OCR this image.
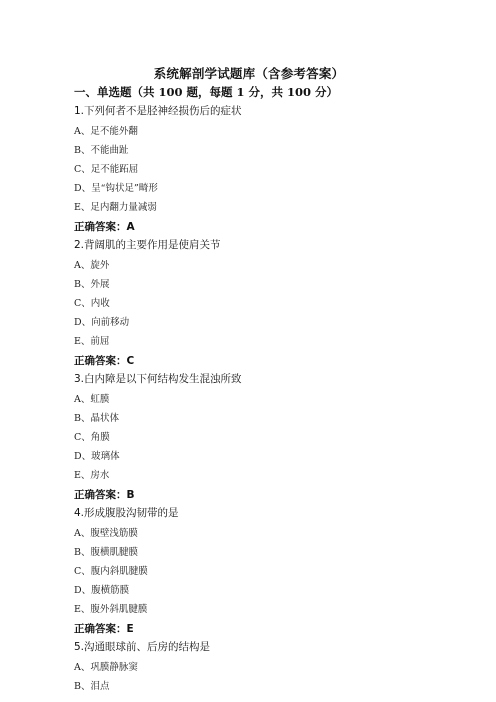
系统解剖学试题库（含参考答案）
一、单选题（共 100 题，每题 1 分，共 100 分）
1.下列何者不是胫神经损伤后的症状
A、足不能外翻
B、不能曲趾
C、足不能跖屈
D、呈“钩状足”畸形
E、足内翻力量减弱
正确答案：A
2.背阔肌的主要作用是使肩关节
A、旋外
B、外展
C、内收
D、向前移动
E、前屈
正确答案：C
3.白内障是以下何结构发生混浊所致
A、虹膜
B、晶状体
C、角膜
D、玻璃体
E、房水
正确答案：B
4.形成腹股沟韧带的是
A、腹壁浅筋膜
B、腹横肌腱膜
C、腹内斜肌腱膜
D、腹横筋膜
E、腹外斜肌腱膜
正确答案：E
5.沟通眼球前、后房的结构是
A、巩膜静脉窦
B、泪点
